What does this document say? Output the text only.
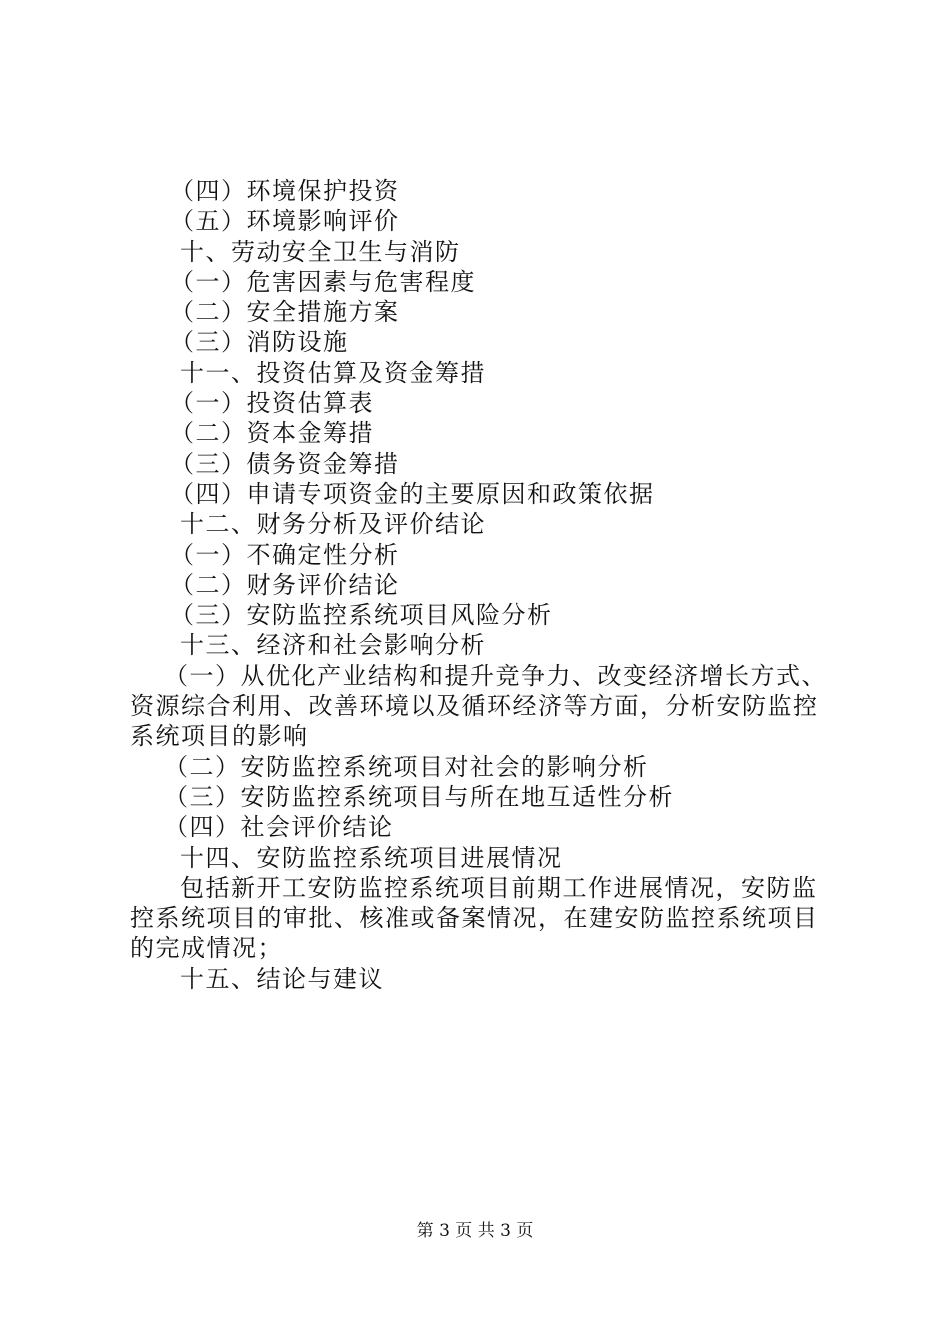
（四）环境保护投资
（五）环境影响评价
十、劳动安全卫生与消防
（一）危害因素与危害程度
（二）安全措施方案
（三）消防设施
十一、投资估算及资金筹措
（一）投资估算表
（二）资本金筹措
（三）债务资金筹措
（四）申请专项资金的主要原因和政策依据
十二、财务分析及评价结论
（一）不确定性分析
（二）财务评价结论
（三）安防监控系统项目风险分析
十三、经济和社会影响分析
（一）从优化产业结构和提升竞争力、改变经济增长方式、
资源综合利用、改善环境以及循环经济等方面，分析安防监控
系统项目的影响
（二）安防监控系统项目对社会的影响分析
（三）安防监控系统项目与所在地互适性分析
（四）社会评价结论
十四、安防监控系统项目进展情况
包括新开工安防监控系统项目前期工作进展情况，安防监
控系统项目的审批、核准或备案情况，在建安防监控系统项目
的完成情况；
十五、结论与建议
第 3 页 共 3 页
